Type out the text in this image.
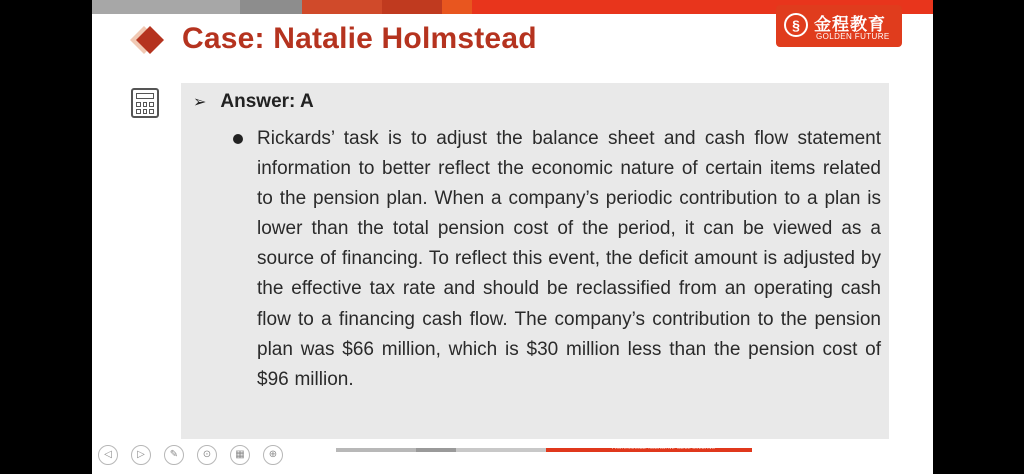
Case: Natalie Holmstead	§ 金程教育
GOLDEN FUTURE
➢ Answer: A
Rickards’ task is to adjust the balance sheet and cash flow statement information to better reflect the economic nature of certain items related to the pension plan. When a company’s periodic contribution to a plan is lower than the total pension cost of the period, it can be viewed as a source of financing. To reflect this event, the deficit amount is adjusted by the effective tax rate and should be reclassified from an operating cash flow to a financing cash flow. The company’s contribution to the pension plan was $66 million, which is $30 million less than the pension cost of $96 million.
PROFESSIONAL·INNOVATIVE·VALUE CREATING
◁	▷	✎	⊙	▦	⊕
